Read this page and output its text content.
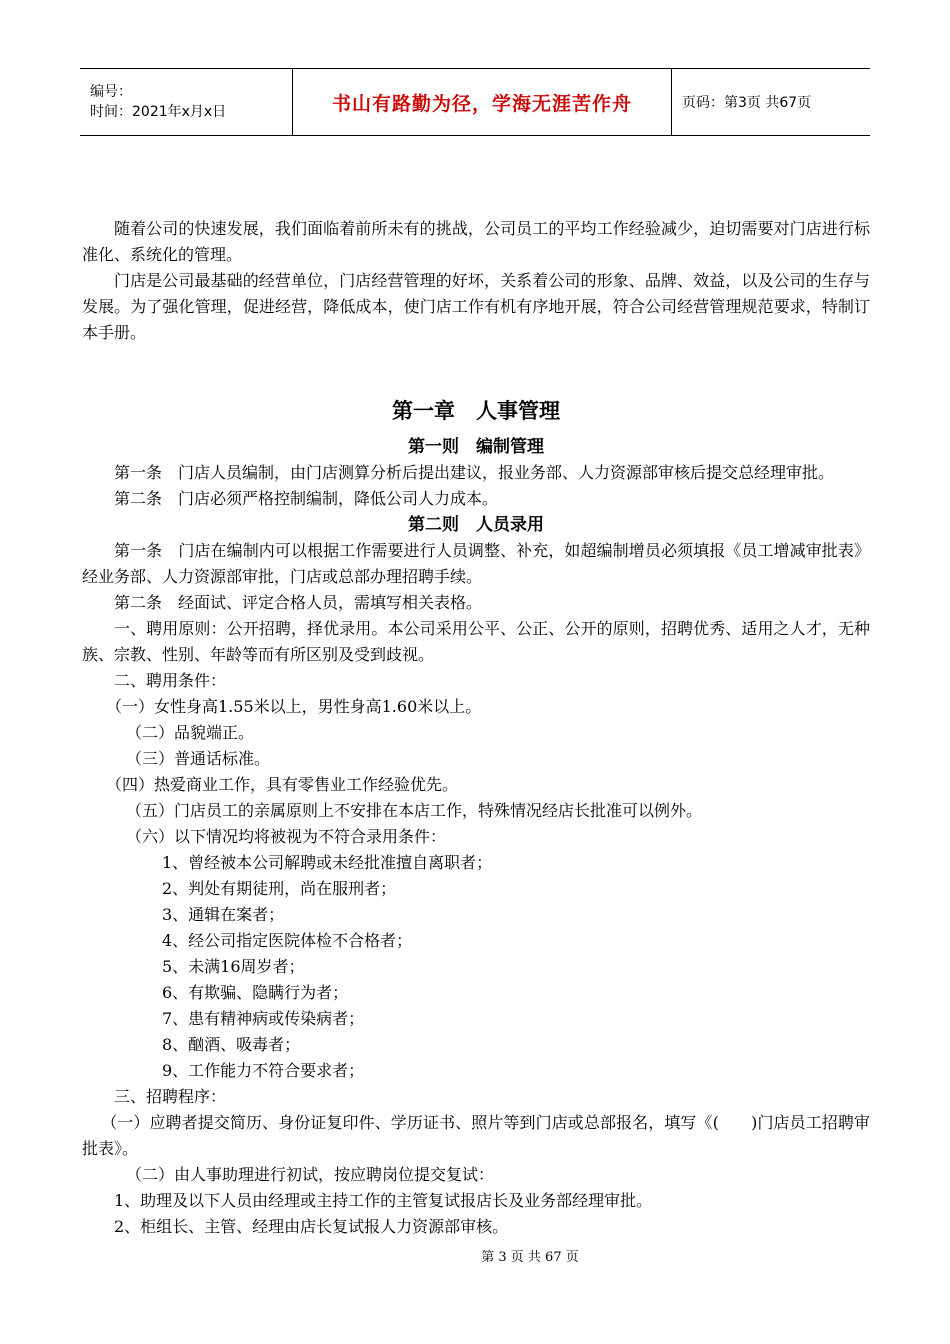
编号：
时间：2021年x月x日	书山有路勤为径，学海无涯苦作舟	页码：第3页 共67页

随着公司的快速发展，我们面临着前所未有的挑战，公司员工的平均工作经验减少，迫切需要对门店进行标准化、系统化的管理。

门店是公司最基础的经营单位，门店经营管理的好坏，关系着公司的形象、品牌、效益，以及公司的生存与发展。为了强化管理，促进经营，降低成本，使门店工作有机有序地开展，符合公司经营管理规范要求，特制订本手册。

第一章　人事管理

第一则　编制管理

第一条　门店人员编制，由门店测算分析后提出建议，报业务部、人力资源部审核后提交总经理审批。

第二条　门店必须严格控制编制，降低公司人力成本。

第二则　人员录用

第一条　门店在编制内可以根据工作需要进行人员调整、补充，如超编制增员必须填报《员工增减审批表》经业务部、人力资源部审批，门店或总部办理招聘手续。

第二条　经面试、评定合格人员，需填写相关表格。

一、聘用原则：公开招聘，择优录用。本公司采用公平、公正、公开的原则，招聘优秀、适用之人才，无种族、宗教、性别、年龄等而有所区别及受到歧视。

二、聘用条件：

（一）女性身高1.55米以上，男性身高1.60米以上。

（二）品貌端正。

（三）普通话标准。

（四）热爱商业工作，具有零售业工作经验优先。

（五）门店员工的亲属原则上不安排在本店工作，特殊情况经店长批准可以例外。

（六）以下情况均将被视为不符合录用条件：

1、曾经被本公司解聘或未经批准擅自离职者；

2、判处有期徒刑，尚在服刑者；

3、通辑在案者；

4、经公司指定医院体检不合格者；

5、未满16周岁者；

6、有欺骗、隐瞒行为者；

7、患有精神病或传染病者；

8、酗酒、吸毒者；

9、工作能力不符合要求者；

三、招聘程序：

（一）应聘者提交简历、身份证复印件、学历证书、照片等到门店或总部报名，填写《(　　)门店员工招聘审批表》。

（二）由人事助理进行初试，按应聘岗位提交复试：

1、助理及以下人员由经理或主持工作的主管复试报店长及业务部经理审批。

2、柜组长、主管、经理由店长复试报人力资源部审核。

第 3 页 共 67 页
